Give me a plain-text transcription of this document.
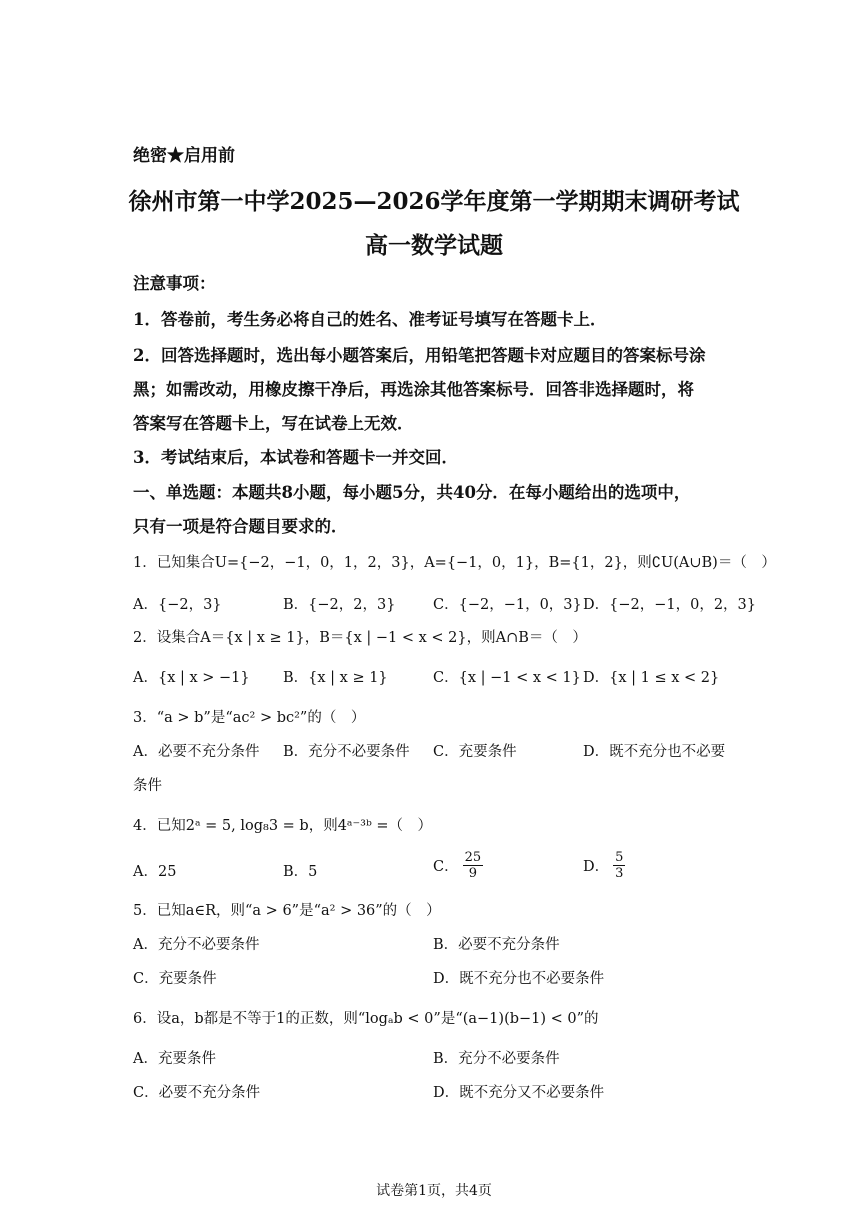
绝密★启用前
徐州市第一中学2025—2026学年度第一学期期末调研考试
高一数学试题
注意事项：
1．答卷前，考生务必将自己的姓名、准考证号填写在答题卡上．
2．回答选择题时，选出每小题答案后，用铅笔把答题卡对应题目的答案标号涂
黑；如需改动，用橡皮擦干净后，再选涂其他答案标号．回答非选择题时，将
答案写在答题卡上，写在试卷上无效．
3．考试结束后，本试卷和答题卡一并交回．
一、单选题：本题共8小题，每小题5分，共40分．在每小题给出的选项中，
只有一项是符合题目要求的．
1．已知集合U={−2，−1，0，1，2，3}，A={−1，0，1}，B={1，2}，则∁U(A∪B)＝（　）
A．{−2，3}	B．{−2，2，3}	C．{−2，−1，0，3} D．{−2，−1，0，2，3}
2．设集合A＝{x | x ≥ 1}，B＝{x | −1 < x < 2}，则A∩B＝（　）
A．{x | x > −1} B．{x | x ≥ 1}	C．{x | −1 < x < 1} D．{x | 1 ≤ x < 2}
3．“a > b”是“ac² > bc²”的（　）
A．必要不充分条件 B．充分不必要条件 C．充要条件	D．既不充分也不必要
条件
4．已知2ᵃ = 5, log₈3 = b，则4ᵃ⁻³ᵇ =（　）
A．25	B．5	C． $\frac{25}{9}$	D． $\frac{5}{3}$
5．已知a∈R，则“a > 6”是“a² > 36”的（　）
A．充分不必要条件	B．必要不充分条件
C．充要条件	D．既不充分也不必要条件
6．设a，b都是不等于1的正数，则“logₐb < 0”是“(a−1)(b−1) < 0”的
A．充要条件	B．充分不必要条件
C．必要不充分条件	D．既不充分又不必要条件
试卷第1页，共4页
